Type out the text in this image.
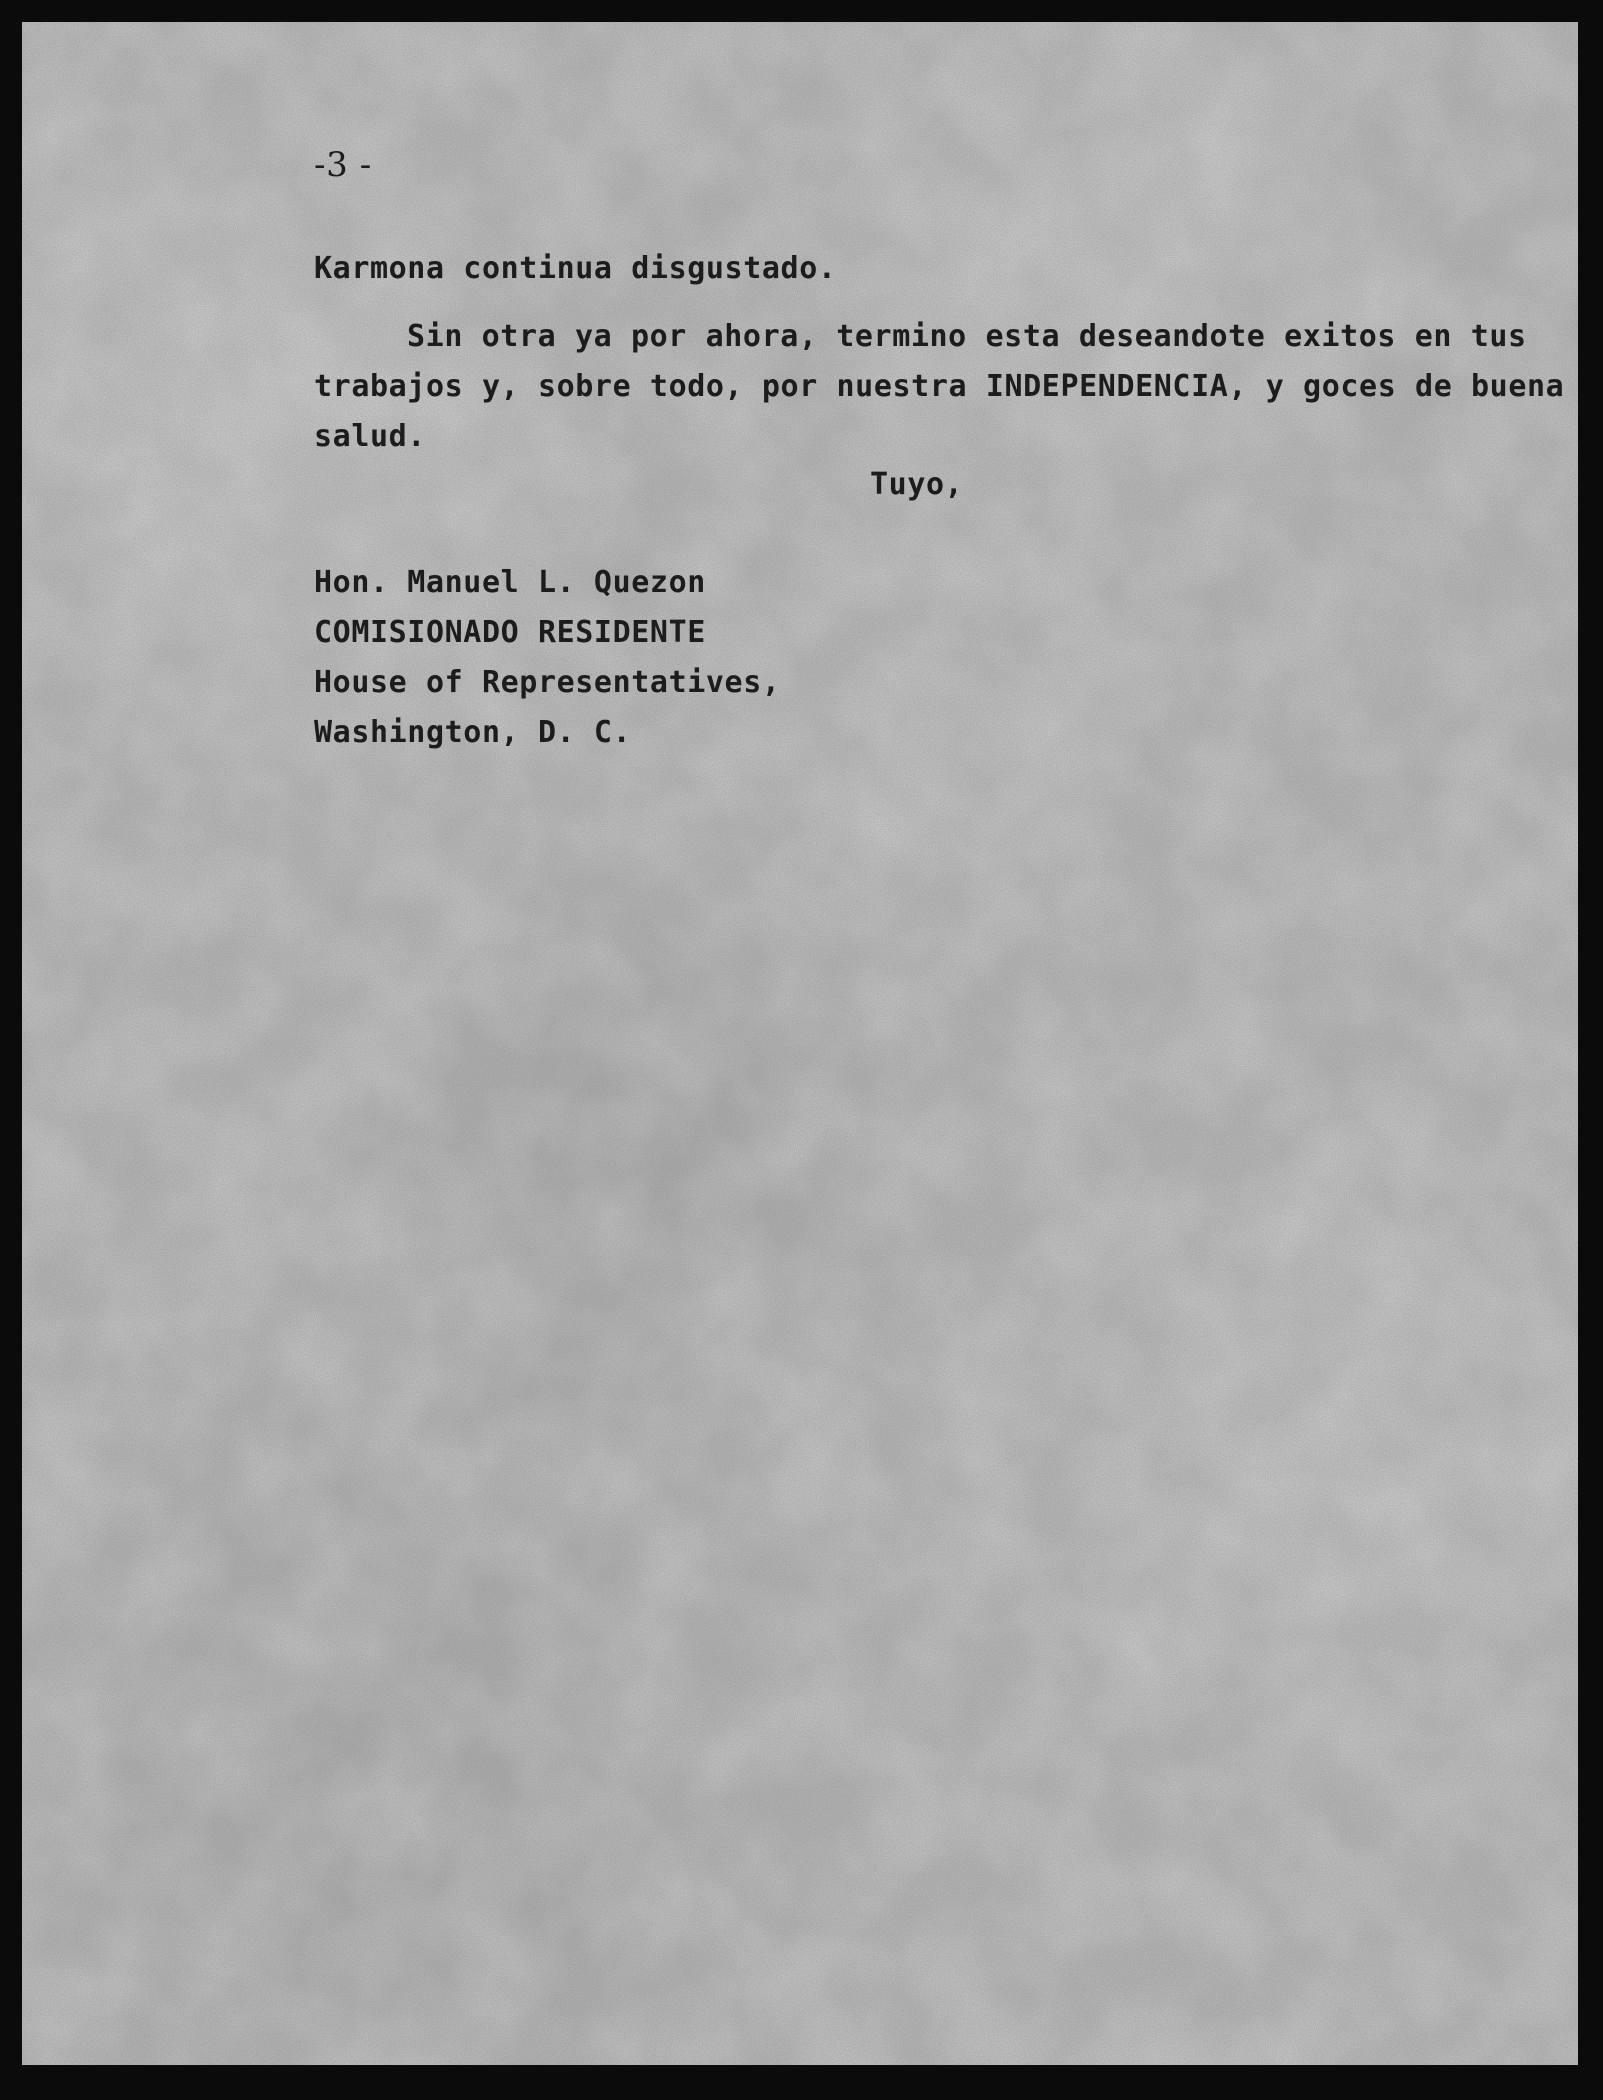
-3 -

Karmona continua disgustado.

Sin otra ya por ahora, termino esta deseandote exitos en tus

trabajos y, sobre todo, por nuestra INDEPENDENCIA, y goces de buena

salud.

Tuyo,

Hon. Manuel L. Quezon

COMISIONADO RESIDENTE

House of Representatives,

Washington, D. C.
